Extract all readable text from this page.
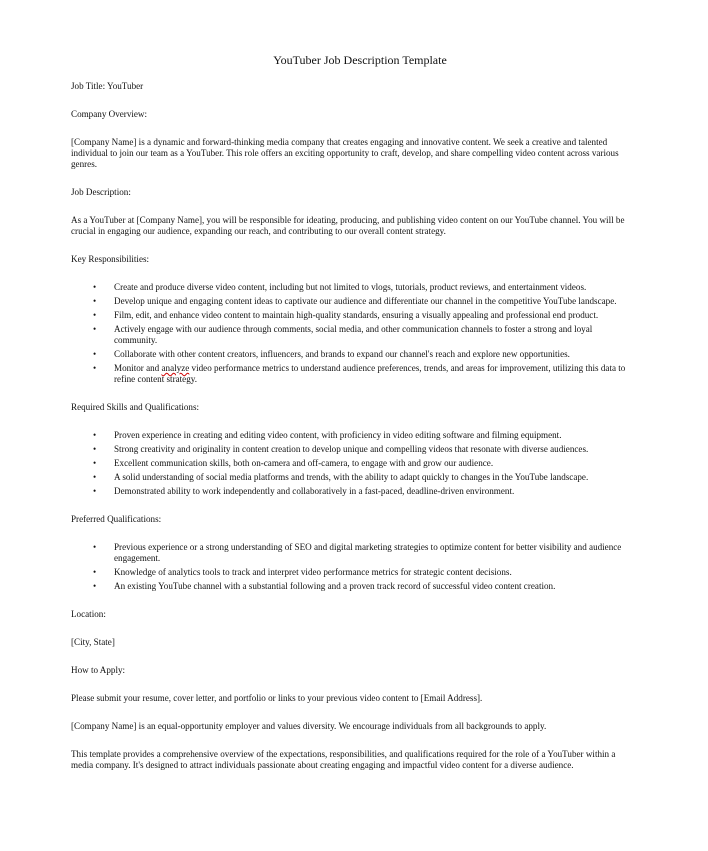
YouTuber Job Description Template

Job Title: YouTuber

Company Overview:

[Company Name] is a dynamic and forward-thinking media company that creates engaging and innovative content. We seek a creative and talented individual to join our team as a YouTuber. This role offers an exciting opportunity to craft, develop, and share compelling video content across various genres.

Job Description:

As a YouTuber at [Company Name], you will be responsible for ideating, producing, and publishing video content on our YouTube channel. You will be crucial in engaging our audience, expanding our reach, and contributing to our overall content strategy.

Key Responsibilities:

• Create and produce diverse video content, including but not limited to vlogs, tutorials, product reviews, and entertainment videos.
• Develop unique and engaging content ideas to captivate our audience and differentiate our channel in the competitive YouTube landscape.
• Film, edit, and enhance video content to maintain high-quality standards, ensuring a visually appealing and professional end product.
• Actively engage with our audience through comments, social media, and other communication channels to foster a strong and loyal community.
• Collaborate with other content creators, influencers, and brands to expand our channel's reach and explore new opportunities.
• Monitor and analyze video performance metrics to understand audience preferences, trends, and areas for improvement, utilizing this data to refine content strategy.

Required Skills and Qualifications:

• Proven experience in creating and editing video content, with proficiency in video editing software and filming equipment.
• Strong creativity and originality in content creation to develop unique and compelling videos that resonate with diverse audiences.
• Excellent communication skills, both on-camera and off-camera, to engage with and grow our audience.
• A solid understanding of social media platforms and trends, with the ability to adapt quickly to changes in the YouTube landscape.
• Demonstrated ability to work independently and collaboratively in a fast-paced, deadline-driven environment.

Preferred Qualifications:

• Previous experience or a strong understanding of SEO and digital marketing strategies to optimize content for better visibility and audience engagement.
• Knowledge of analytics tools to track and interpret video performance metrics for strategic content decisions.
• An existing YouTube channel with a substantial following and a proven track record of successful video content creation.

Location:

[City, State]

How to Apply:

Please submit your resume, cover letter, and portfolio or links to your previous video content to [Email Address].

[Company Name] is an equal-opportunity employer and values diversity. We encourage individuals from all backgrounds to apply.

This template provides a comprehensive overview of the expectations, responsibilities, and qualifications required for the role of a YouTuber within a media company. It's designed to attract individuals passionate about creating engaging and impactful video content for a diverse audience.
